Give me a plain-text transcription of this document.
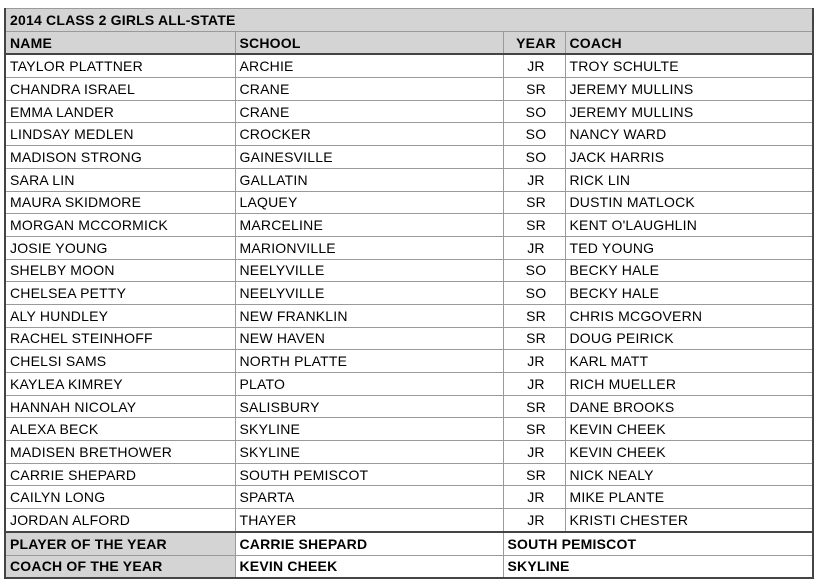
2014 CLASS 2 GIRLS ALL-STATE			
NAME	SCHOOL	YEAR	COACH
TAYLOR PLATTNER	ARCHIE	JR	TROY SCHULTE
CHANDRA ISRAEL	CRANE	SR	JEREMY MULLINS
EMMA LANDER	CRANE	SO	JEREMY MULLINS
LINDSAY MEDLEN	CROCKER	SO	NANCY WARD
MADISON STRONG	GAINESVILLE	SO	JACK HARRIS
SARA LIN	GALLATIN	JR	RICK LIN
MAURA SKIDMORE	LAQUEY	SR	DUSTIN MATLOCK
MORGAN MCCORMICK	MARCELINE	SR	KENT O'LAUGHLIN
JOSIE YOUNG	MARIONVILLE	JR	TED YOUNG
SHELBY MOON	NEELYVILLE	SO	BECKY HALE
CHELSEA PETTY	NEELYVILLE	SO	BECKY HALE
ALY HUNDLEY	NEW FRANKLIN	SR	CHRIS MCGOVERN
RACHEL STEINHOFF	NEW HAVEN	SR	DOUG PEIRICK
CHELSI SAMS	NORTH PLATTE	JR	KARL MATT
KAYLEA KIMREY	PLATO	JR	RICH MUELLER
HANNAH NICOLAY	SALISBURY	SR	DANE BROOKS
ALEXA BECK	SKYLINE	SR	KEVIN CHEEK
MADISEN BRETHOWER	SKYLINE	JR	KEVIN CHEEK
CARRIE SHEPARD	SOUTH PEMISCOT	SR	NICK NEALY
CAILYN LONG	SPARTA	JR	MIKE PLANTE
JORDAN ALFORD	THAYER	JR	KRISTI CHESTER
PLAYER OF THE YEAR	CARRIE SHEPARD	SOUTH PEMISCOT	
COACH OF THE YEAR	KEVIN CHEEK	SKYLINE	
